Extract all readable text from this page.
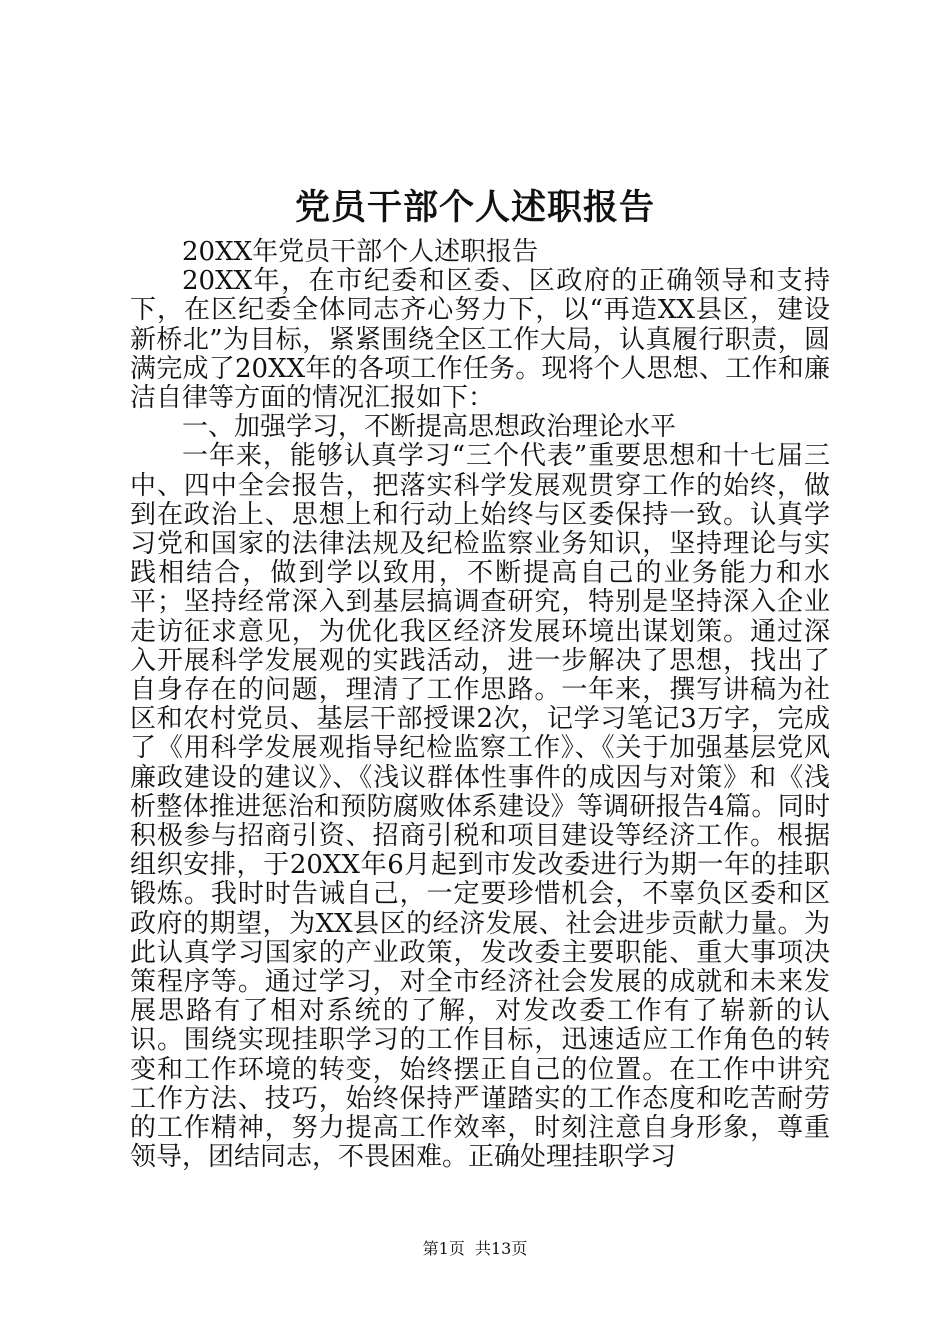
党员干部个人述职报告

20XX年党员干部个人述职报告

20XX年，在市纪委和区委、区政府的正确领导和支持下，在区纪委全体同志齐心努力下，以“再造XX县区，建设新桥北”为目标，紧紧围绕全区工作大局，认真履行职责，圆满完成了20XX年的各项工作任务。现将个人思想、工作和廉洁自律等方面的情况汇报如下：

一、加强学习，不断提高思想政治理论水平

一年来，能够认真学习“三个代表”重要思想和十七届三中、四中全会报告，把落实科学发展观贯穿工作的始终，做到在政治上、思想上和行动上始终与区委保持一致。认真学习党和国家的法律法规及纪检监察业务知识，坚持理论与实践相结合，做到学以致用，不断提高自己的业务能力和水平；坚持经常深入到基层搞调查研究，特别是坚持深入企业走访征求意见，为优化我区经济发展环境出谋划策。通过深入开展科学发展观的实践活动，进一步解决了思想，找出了自身存在的问题，理清了工作思路。一年来，撰写讲稿为社区和农村党员、基层干部授课2次，记学习笔记3万字，完成了《用科学发展观指导纪检监察工作》、《关于加强基层党风廉政建设的建议》、《浅议群体性事件的成因与对策》和《浅析整体推进惩治和预防腐败体系建设》等调研报告4篇。同时积极参与招商引资、招商引税和项目建设等经济工作。根据组织安排，于20XX年6月起到市发改委进行为期一年的挂职锻炼。我时时告诫自己，一定要珍惜机会，不辜负区委和区政府的期望，为XX县区的经济发展、社会进步贡献力量。为此认真学习国家的产业政策，发改委主要职能、重大事项决策程序等。通过学习，对全市经济社会发展的成就和未来发展思路有了相对系统的了解，对发改委工作有了崭新的认识。围绕实现挂职学习的工作目标，迅速适应工作角色的转变和工作环境的转变，始终摆正自己的位置。在工作中讲究工作方法、技巧，始终保持严谨踏实的工作态度和吃苦耐劳的工作精神，努力提高工作效率，时刻注意自身形象，尊重领导，团结同志，不畏困难。正确处理挂职学习

第1页  共13页
